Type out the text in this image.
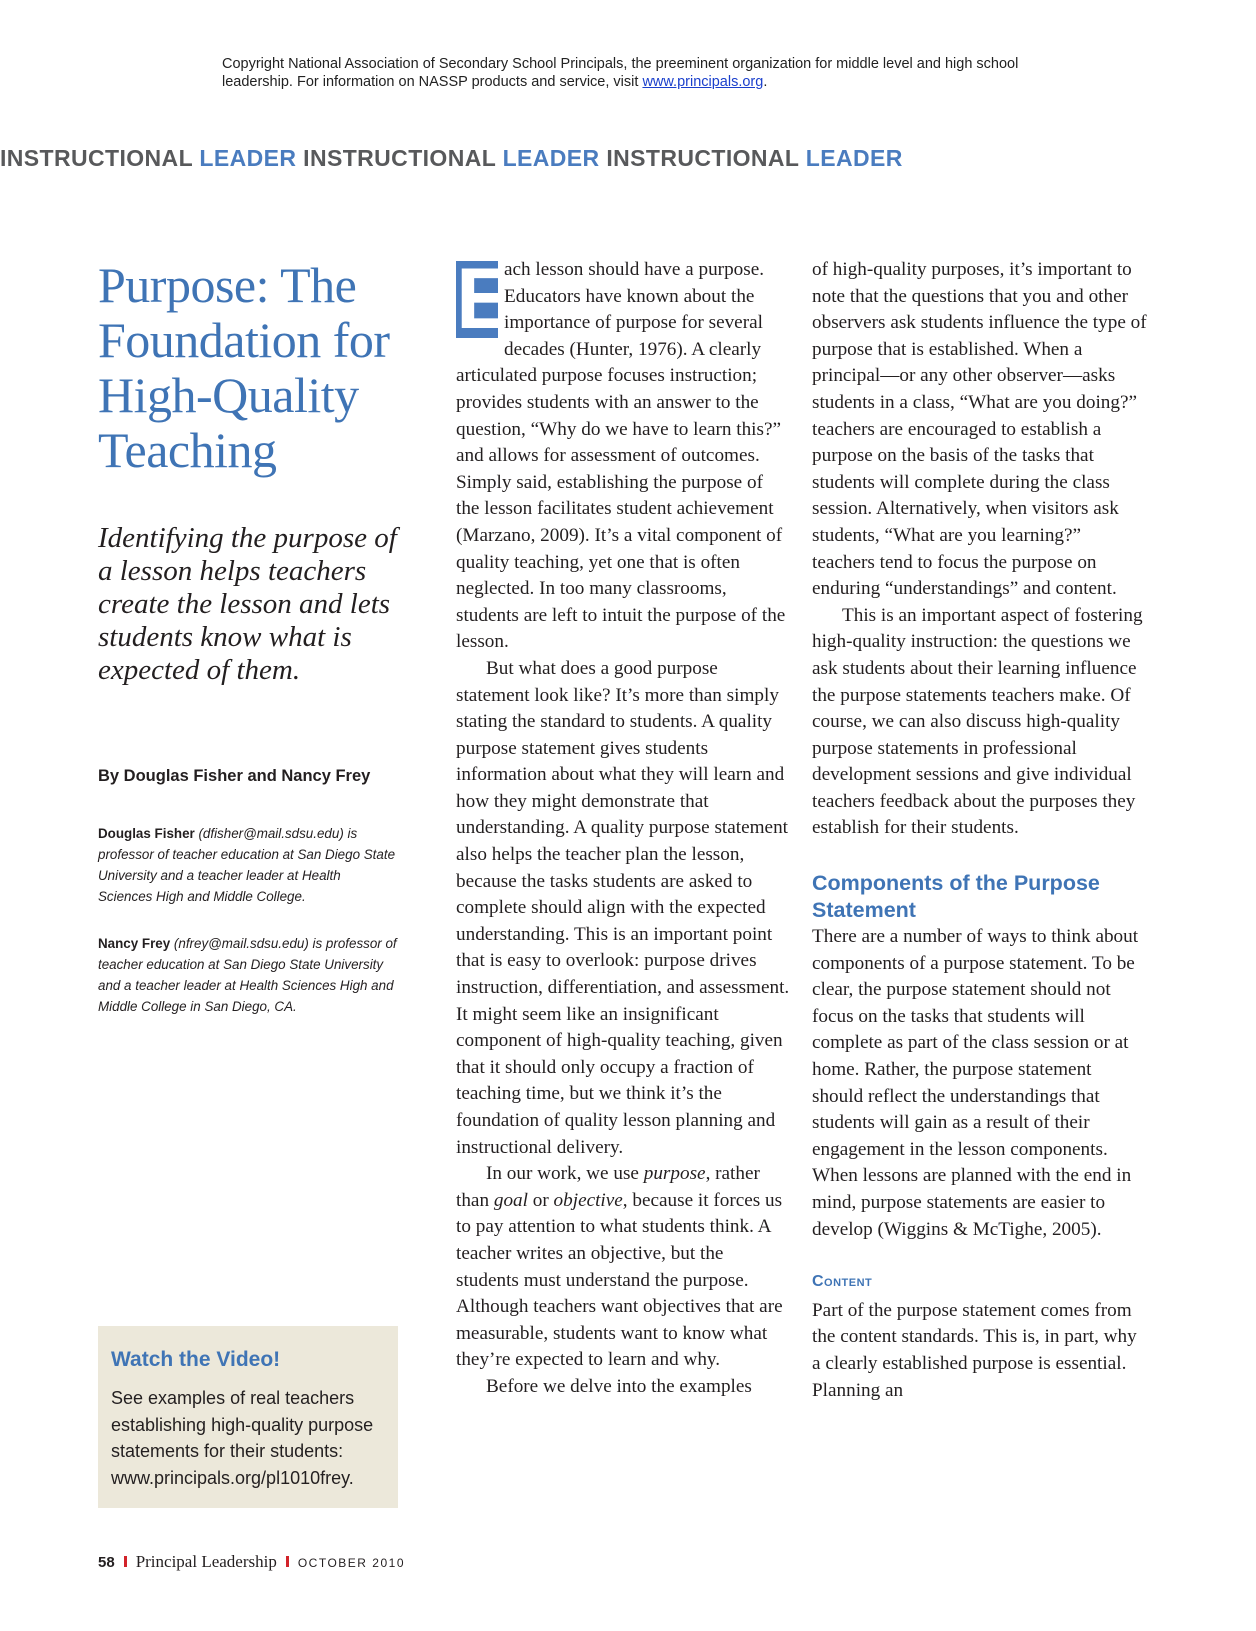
Copyright National Association of Secondary School Principals, the preeminent organization for middle level and high school leadership. For information on NASSP products and service, visit www.principals.org.
INSTRUCTIONAL LEADER INSTRUCTIONAL LEADER INSTRUCTIONAL LEADER
Purpose: The Foundation for High-Quality Teaching
Identifying the purpose of a lesson helps teachers create the lesson and lets students know what is expected of them.
By Douglas Fisher and Nancy Frey
Douglas Fisher (dfisher@mail.sdsu.edu) is professor of teacher education at San Diego State University and a teacher leader at Health Sciences High and Middle College.
Nancy Frey (nfrey@mail.sdsu.edu) is professor of teacher education at San Diego State University and a teacher leader at Health Sciences High and Middle College in San Diego, CA.
Watch the Video!

See examples of real teachers establishing high-quality purpose statements for their students: www.principals.org/pl1010frey.

E
ach lesson should have a purpose. Educators have known about the importance of purpose for several decades (Hunter, 1976). A clearly articulated purpose focuses instruction; provides students with an answer to the question, “Why do we have to learn this?” and allows for assessment of outcomes. Simply said, establishing the purpose of the lesson facilitates student achievement (Marzano, 2009). It’s a vital component of quality teaching, yet one that is often neglected. In too many classrooms, students are left to intuit the purpose of the lesson.

But what does a good purpose statement look like? It’s more than simply stating the standard to students. A quality purpose statement gives students information about what they will learn and how they might demonstrate that understanding. A quality purpose statement also helps the teacher plan the lesson, because the tasks students are asked to complete should align with the expected understanding. This is an important point that is easy to overlook: purpose drives instruction, differentiation, and assessment. It might seem like an insignificant component of high-quality teaching, given that it should only occupy a fraction of teaching time, but we think it’s the foundation of quality lesson planning and instructional delivery.

In our work, we use purpose, rather than goal or objective, because it forces us to pay attention to what students think. A teacher writes an objective, but the students must understand the purpose. Although teachers want objectives that are measurable, students want to know what they’re expected to learn and why.

Before we delve into the examples

of high-quality purposes, it’s important to note that the questions that you and other observers ask students influence the type of purpose that is established. When a principal—or any other observer—asks students in a class, “What are you doing?” teachers are encouraged to establish a purpose on the basis of the tasks that students will complete during the class session. Alternatively, when visitors ask students, “What are you learning?” teachers tend to focus the purpose on enduring “understandings” and content.

This is an important aspect of fostering high-quality instruction: the questions we ask students about their learning influence the purpose statements teachers make. Of course, we can also discuss high-quality purpose statements in professional development sessions and give individual teachers feedback about the purposes they establish for their students.

Components of the Purpose Statement

There are a number of ways to think about components of a purpose statement. To be clear, the purpose statement should not focus on the tasks that students will complete as part of the class session or at home. Rather, the purpose statement should reflect the understandings that students will gain as a result of their engagement in the lesson components. When lessons are planned with the end in mind, purpose statements are easier to develop (Wiggins & McTighe, 2005).

Content

Part of the purpose statement comes from the content standards. This is, in part, why a clearly established purpose is essential. Planning an

58 Principal Leadership OCTOBER 2010
